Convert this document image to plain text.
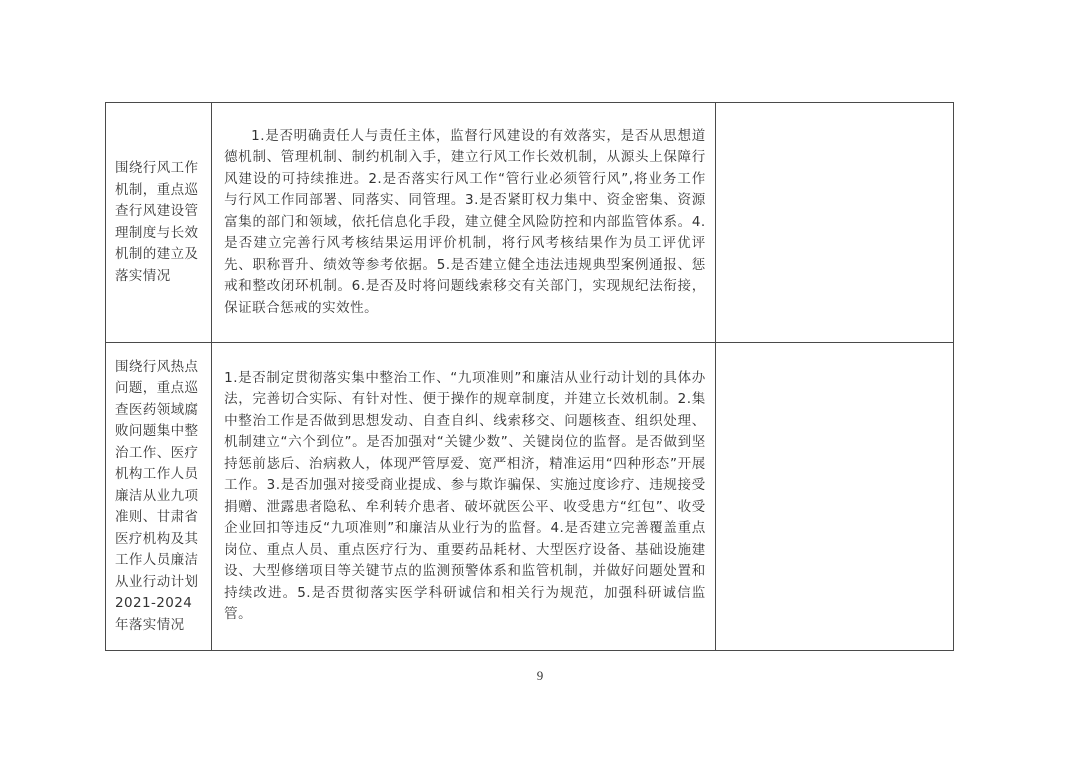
围绕行风工作机制，重点巡查行风建设管理制度与长效机制的建立及落实情况	1.是否明确责任人与责任主体，监督行风建设的有效落实，是否从思想道德机制、管理机制、制约机制入手，建立行风工作长效机制，从源头上保障行风建设的可持续推进。2.是否落实行风工作“管行业必须管行风”,将业务工作与行风工作同部署、同落实、同管理。3.是否紧盯权力集中、资金密集、资源富集的部门和领域，依托信息化手段，建立健全风险防控和内部监管体系。4.是否建立完善行风考核结果运用评价机制，将行风考核结果作为员工评优评先、职称晋升、绩效等参考依据。5.是否建立健全违法违规典型案例通报、惩戒和整改闭环机制。6.是否及时将问题线索移交有关部门，实现规纪法衔接，保证联合惩戒的实效性。	

围绕行风热点问题，重点巡查医药领域腐败问题集中整治工作、医疗机构工作人员廉洁从业九项准则、甘肃省医疗机构及其工作人员廉洁从业行动计划2021-2024年落实情况	1.是否制定贯彻落实集中整治工作、“九项准则”和廉洁从业行动计划的具体办法，完善切合实际、有针对性、便于操作的规章制度，并建立长效机制。2.集中整治工作是否做到思想发动、自查自纠、线索移交、问题核查、组织处理、机制建立“六个到位”。是否加强对“关键少数”、关键岗位的监督。是否做到坚持惩前毖后、治病救人，体现严管厚爱、宽严相济，精准运用“四种形态”开展工作。3.是否加强对接受商业提成、参与欺诈骗保、实施过度诊疗、违规接受捐赠、泄露患者隐私、牟利转介患者、破坏就医公平、收受患方“红包”、收受企业回扣等违反“九项准则”和廉洁从业行为的监督。4.是否建立完善覆盖重点岗位、重点人员、重点医疗行为、重要药品耗材、大型医疗设备、基础设施建设、大型修缮项目等关键节点的监测预警体系和监管机制，并做好问题处置和持续改进。5.是否贯彻落实医学科研诚信和相关行为规范，加强科研诚信监管。	

9
